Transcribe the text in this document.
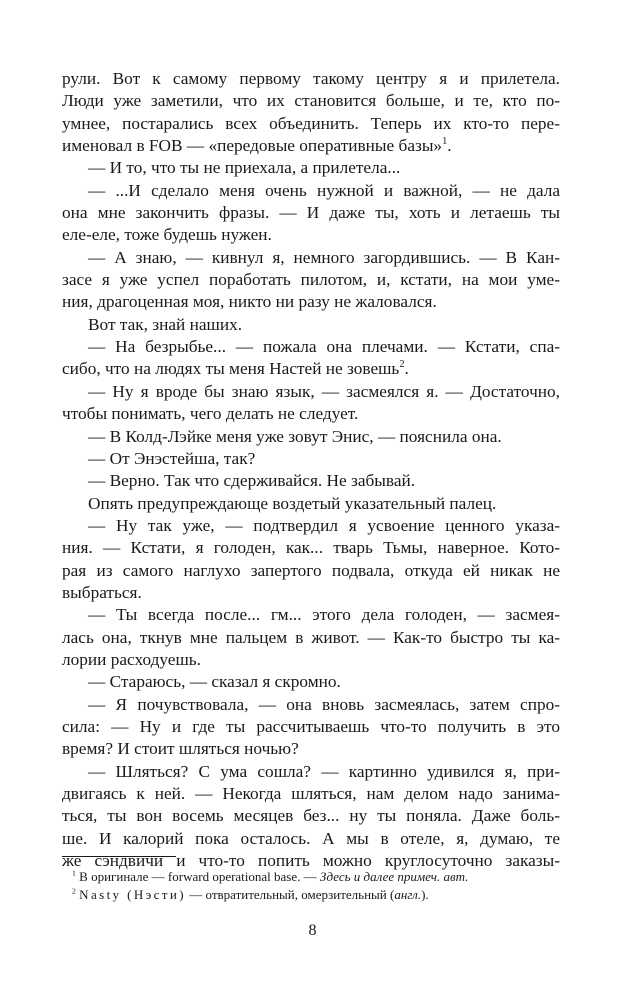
рули. Вот к самому первому такому центру я и прилетела.
Люди уже заметили, что их становится больше, и те, кто по-
умнее, постарались всех объединить. Теперь их кто-то пере-
именовал в FOB — «передовые оперативные базы»$^1$.
— И то, что ты не приехала, а прилетела...
— ...И сделало меня очень нужной и важной, — не дала
она мне закончить фразы. — И даже ты, хоть и летаешь ты
еле-еле, тоже будешь нужен.
— А знаю, — кивнул я, немного загордившись. — В Кан-
засе я уже успел поработать пилотом, и, кстати, на мои уме-
ния, драгоценная моя, никто ни разу не жаловался.
Вот так, знай наших.
— На безрыбье... — пожала она плечами. — Кстати, спа-
сибо, что на людях ты меня Настей не зовешь$^2$.
— Ну я вроде бы знаю язык, — засмеялся я. — Достаточно,
чтобы понимать, чего делать не следует.
— В Колд-Лэйке меня уже зовут Энис, — пояснила она.
— От Энэстейша, так?
— Верно. Так что сдерживайся. Не забывай.
Опять предупреждающе воздетый указательный палец.
— Ну так уже, — подтвердил я усвоение ценного указа-
ния. — Кстати, я голоден, как... тварь Тьмы, наверное. Кото-
рая из самого наглухо запертого подвала, откуда ей никак не
выбраться.
— Ты всегда после... гм... этого дела голоден, — засмея-
лась она, ткнув мне пальцем в живот. — Как-то быстро ты ка-
лории расходуешь.
— Стараюсь, — сказал я скромно.
— Я почувствовала, — она вновь засмеялась, затем спро-
сила: — Ну и где ты рассчитываешь что-то получить в это
время? И стоит шляться ночью?
— Шляться? С ума сошла? — картинно удивился я, при-
двигаясь к ней. — Некогда шляться, нам делом надо занима-
ться, ты вон восемь месяцев без... ну ты поняла. Даже боль-
ше. И калорий пока осталось. А мы в отеле, я, думаю, те
же сэндвичи и что-то попить можно круглосуточно заказы-
$^1$ В оригинале — forward operational base. — Здесь и далее примеч. авт.
$^2$ Nasty (Нэсти) — отвратительный, омерзительный (англ.).
8
